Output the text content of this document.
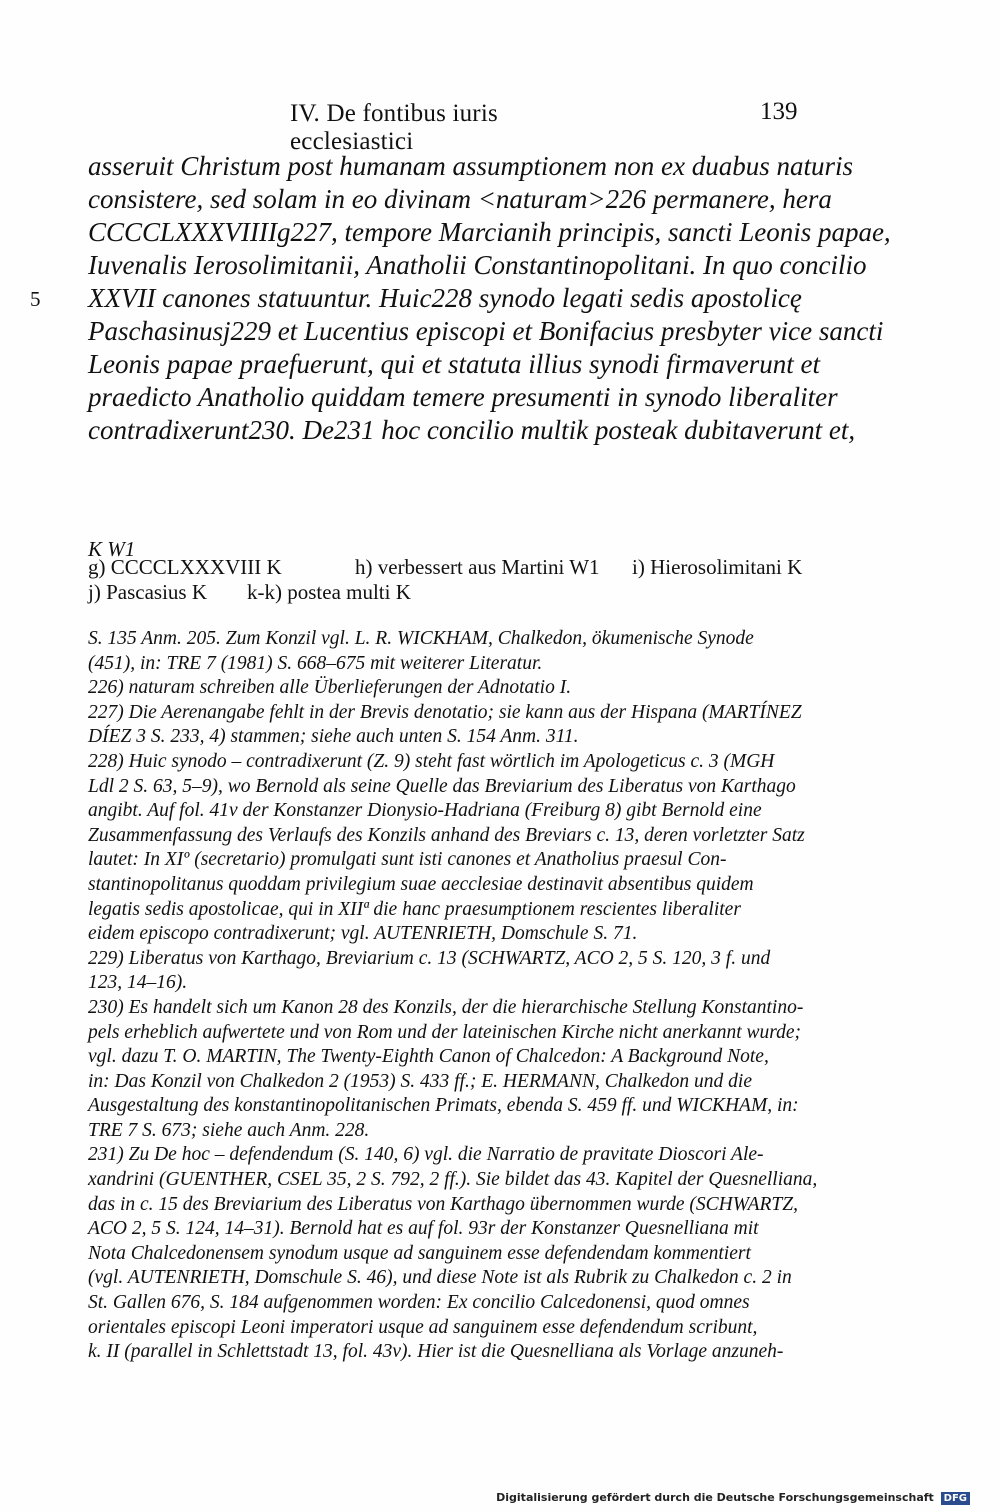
IV. De fontibus iuris ecclesiastici
139
5
asseruit Christum post humanam assumptionem non ex duabus naturis
consistere, sed solam in eo divinam <naturam>226 permanere, hera
CCCCLXXXVIIIIg227, tempore Marcianih principis, sancti Leonis papae,
Iuvenalis Ierosolimitanii, Anatholii Constantinopolitani. In quo concilio
XXVII canones statuuntur. Huic228 synodo legati sedis apostolicę
Paschasinusj229 et Lucentius episcopi et Bonifacius presbyter vice sancti
Leonis papae praefuerunt, qui et statuta illius synodi firmaverunt et
praedicto Anatholio quiddam temere presumenti in synodo liberaliter
contradixerunt230. De231 hoc concilio multik posteak dubitaverunt et,
K W1
g) CCCCLXXXVIII K	h) verbessert aus Martini W1 i) Hierosolimitani K
j) Pascasius K k-k) postea multi K
S. 135 Anm. 205. Zum Konzil vgl. L. R. WICKHAM, Chalkedon, ökumenische Synode
(451), in: TRE 7 (1981) S. 668–675 mit weiterer Literatur.
226) naturam schreiben alle Überlieferungen der Adnotatio I.
227) Die Aerenangabe fehlt in der Brevis denotatio; sie kann aus der Hispana (MARTÍNEZ
DÍEZ 3 S. 233, 4) stammen; siehe auch unten S. 154 Anm. 311.
228) Huic synodo – contradixerunt (Z. 9) steht fast wörtlich im Apologeticus c. 3 (MGH
Ldl 2 S. 63, 5–9), wo Bernold als seine Quelle das Breviarium des Liberatus von Karthago
angibt. Auf fol. 41v der Konstanzer Dionysio-Hadriana (Freiburg 8) gibt Bernold eine
Zusammenfassung des Verlaufs des Konzils anhand des Breviars c. 13, deren vorletzter Satz
lautet: In XIº (secretario) promulgati sunt isti canones et Anatholius praesul Con-
stantinopolitanus quoddam privilegium suae aecclesiae destinavit absentibus quidem
legatis sedis apostolicae, qui in XIIª die hanc praesumptionem rescientes liberaliter
eidem episcopo contradixerunt; vgl. AUTENRIETH, Domschule S. 71.
229) Liberatus von Karthago, Breviarium c. 13 (SCHWARTZ, ACO 2, 5 S. 120, 3 f. und
123, 14–16).
230) Es handelt sich um Kanon 28 des Konzils, der die hierarchische Stellung Konstantino-
pels erheblich aufwertete und von Rom und der lateinischen Kirche nicht anerkannt wurde;
vgl. dazu T. O. MARTIN, The Twenty-Eighth Canon of Chalcedon: A Background Note,
in: Das Konzil von Chalkedon 2 (1953) S. 433 ff.; E. HERMANN, Chalkedon und die
Ausgestaltung des konstantinopolitanischen Primats, ebenda S. 459 ff. und WICKHAM, in:
TRE 7 S. 673; siehe auch Anm. 228.
231) Zu De hoc – defendendum (S. 140, 6) vgl. die Narratio de pravitate Dioscori Ale-
xandrini (GUENTHER, CSEL 35, 2 S. 792, 2 ff.). Sie bildet das 43. Kapitel der Quesnelliana,
das in c. 15 des Breviarium des Liberatus von Karthago übernommen wurde (SCHWARTZ,
ACO 2, 5 S. 124, 14–31). Bernold hat es auf fol. 93r der Konstanzer Quesnelliana mit
Nota Chalcedonensem synodum usque ad sanguinem esse defendendam kommentiert
(vgl. AUTENRIETH, Domschule S. 46), und diese Note ist als Rubrik zu Chalkedon c. 2 in
St. Gallen 676, S. 184 aufgenommen worden: Ex concilio Calcedonensi, quod omnes
orientales episcopi Leoni imperatori usque ad sanguinem esse defendendum scribunt,
k. II (parallel in Schlettstadt 13, fol. 43v). Hier ist die Quesnelliana als Vorlage anzuneh-
Digitalisierung gefördert durch die Deutsche Forschungsgemeinschaft DFG
